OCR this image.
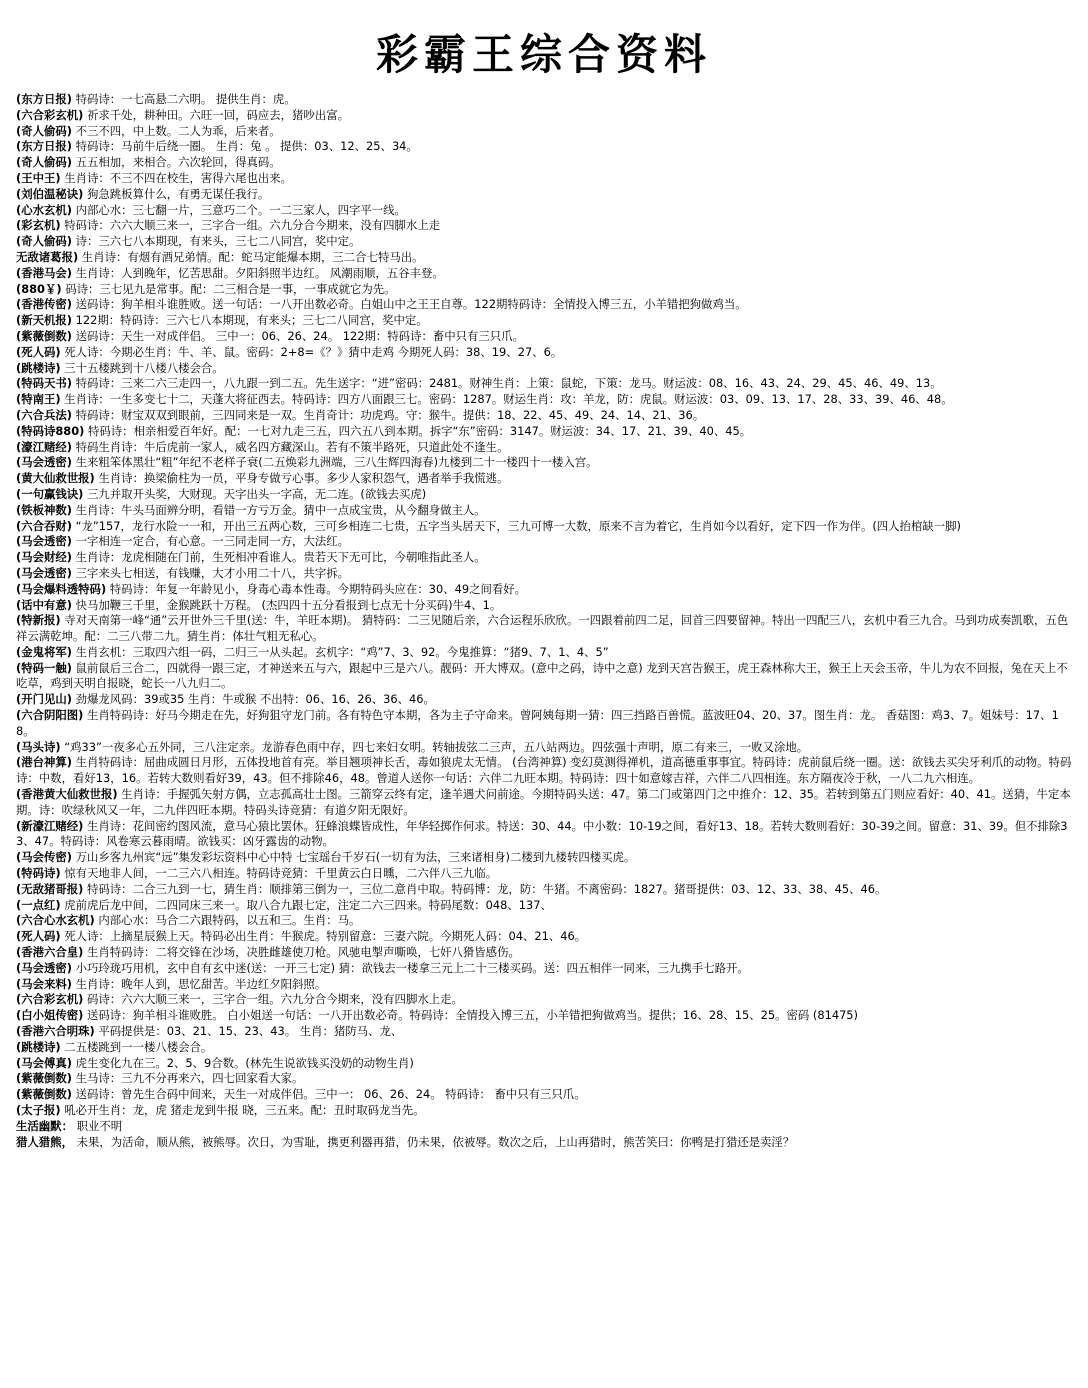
彩霸王综合资料
(东方日报) 特码诗：一七高悬二六明。 提供生肖：虎。
(六合彩玄机) 祈求千处，耕种田。六旺一回，码应去，猪吵出富。
(奇人偷码) 不三不四，中上数。二人为乖，后来者。
(东方日报) 特码诗：马前牛后绕一圈。 生肖：兔 。 提供：03、12、25、34。
(奇人偷码) 五五相加，来相合。六次轮回，得真码。
(王中王) 生肖诗：不三不四在校生，害得六尾也出来。
(刘伯温秘诀) 狗急跳板算什么，有勇无谋任我行。
(心水玄机) 内部心水：三七翻一片，三意巧二个。一二三家人，四字平一线。
(彩玄机) 特码诗：六六大顺三来一，三字合一组。六九分合今期来，没有四脚水上走
(奇人偷码) 诗：三六七八本期现，有来头，三七二八同宫，奖中定。
无敌诸葛报) 生肖诗：有烟有酒兄弟情。配：蛇马定能爆本期，三二合七特马出。
(香港马会) 生肖诗：人到晚年，忆苦思甜。夕阳斜照半边红。 风潮雨顺，五谷丰登。
(880￥) 码诗：三七见九是常事。配：二三相合是一事，一事成就它为先。
(香港传密) 送码诗：狗羊相斗谁胜败。送一句话：一八开出数必奇。白姐山中之王王自尊。122期特码诗：全情投入博三五，小羊错把狗做鸡当。
(新天机报) 122期：特码诗：三六七八本期现，有来头；三七二八同宫，奖中定。
(紫薇倒数) 送码诗：天生一对成伴侣。 三中一：06、26、24。 122期：特码诗：畜中只有三只爪。
(死人码) 死人诗：今期必生肖：牛、羊、鼠。密码：2+8=《？》猜中走鸡 今期死人码：38、19、27、6。
(跳楼诗) 三十五楼跳到十八楼八楼会合。
(特码天书) 特码诗：三来二六三走四一，八九跟一到二五。先生送字：“进”密码：2481。财神生肖：上策：鼠蛇，下策：龙马。财运波：08、16、43、24、29、45、46、49、13。
(特南王) 生肖诗：一生多变七十二，天蓬大将征西去。特码诗：四方八面跟三七。密码：1287。财运生肖：攻：羊龙，防：虎鼠。财运波：03、09、13、17、28、33、39、46、48。
(六合兵法) 特码诗：财宝双双到眼前，三四同来是一双。生肖奇计：功虎鸡。守：猴牛。提供：18、22、45、49、24、14、21、36。
(特码诗880) 特码诗：相亲相爱百年好。配：一七对九走三五，四六五八到本期。拆字“东”密码：3147。财运波：34、17、21、39、40、45。
(濠江赌经) 特码生肖诗：牛后虎前一家人，威名四方藏深山。若有不策半路死，只道此处不逢生。
(马会透密) 生来粗笨体黑壮“粗”年纪不老样子衰(二五焕彩九洲端，三八生辉四海春)九楼到二十一楼四十一楼入宫。
(黄大仙救世报) 生肖诗：换梁偷柱为一员，平身专做亏心事。多少人家积怨气，遇者举手我慌逃。
(一句赢钱诀) 三九并取开头奖，大财现。天字出头一字高，无二连。(欲钱去买虎)
(铁板神数) 生肖诗：牛头马面辨分明，看错一方亏万金。猜中一点成宝贵，从今翻身做主人。
(六合吞财) “龙”157，龙行水险一一和，开出三五两心数，三可乡相连二七贵，五字当头居天下，三九可博一大数，原来不言为着它，生肖如今以看好，定下四一作为伴。(四人抬棺缺一脚)
(马会透密) 一字相连一定合，有心意。一三同走同一方，大法红。
(马会财经) 生肖诗：龙虎相随在门前，生死相冲看谁人。贵若天下无可比，今朝唯指此圣人。
(马会透密) 三字来头七相送，有钱赚，大才小用二十八，共字拆。
(马会爆料透特码) 特码诗：年复一年龄见小，身毒心毒本性毒。今期特码头应在：30、49之间看好。
(话中有意) 快马加鞭三千里，金猴跳跃十万程。 (杰四四十五分看报到七点无十分买码)牛4、1。
(特新报) 寺对天南第一峰“通”云开世外三千里(送：牛，羊旺本期)。 猜特码：二三见随后亲，六合运程乐欣欣。一四跟着前四二足，回首三四要留神。特出一四配三八，玄机中看三九合。马到功成奏凯歌，五色祥云满乾坤。配：二三八带二九。猜生肖：体壮气粗无私心。
(金鬼将军) 生肖玄机：三取四六组一码，二归三一从头起。玄机字：“鸡”7、3、92。今鬼推算：“猪9、7、1、4、5”
(特码一触) 鼠前鼠后三合二，四就得一跟三定，才神送来五与六，跟起中三是六八。靓码：开大博双。(意中之码，诗中之意) 龙到天宫告猴王，虎王森林称大王，猴王上天会玉帝，牛儿为农不回报，兔在天上不吃草，鸡到天明自报晓，蛇长一八九归二。
(开门见山) 劲爆龙风码：39或35 生肖：牛或猴 不出特：06、16、26、36、46。
(六合阴阳图) 生肖特码诗：好马今期走在先，好狗狙守龙门前。各有特色守本期，各为主子守命来。曾阿姨每期一猜：四三挡路百兽慌。蓝波旺04、20、37。图生肖：龙。 香菇图：鸡3、7。姐妹号：17、18。
(马头诗) “鸡33”一夜多心五外同，三八注定亲。龙游春色雨中存，四七来妇女明。转轴拔弦二三声，五八站两边。四弦强十声明，原二有来三，一败又涂地。
(港台神算) 生肖特码诗：屈曲成圆日月形，五体投地首有亮。举目翘项神长舌，毒如狼虎太无情。 (台湾神算) 变幻莫测得禅机，道高德重事事宜。特码诗：虎前鼠后绕一圈。送：欲钱去买尖牙利爪的动物。特码诗：中数，看好13，16。若转大数则看好39，43。但不排除46，48。曾道人送你一句话：六伴二九旺本期。特码诗：四十如意嫁吉祥，六伴二八四相连。东方隔夜冷于秋，一八二九六相连。
(香港黄大仙救世报) 生肖诗：手握弧矢射方偶，立志孤高壮士图。三箭穿云终有定，逢羊遇犬问前途。今期特码头送：47。第二门或第四门之中推介：12、35。若转到第五门则应看好：40、41。送猜，牛定本期。诗：吹绿秋风又一年，二九伴四旺本期。特码头诗竞猜：有道夕阳无限好。
(新濠江赌经) 生肖诗：花间密约图风流，意马心猿比罢休。狂蜂浪蝶皆成性，年华轻掷作何求。特送：30、44。中小数：10-19之间，看好13、18。若转大数则看好：30-39之间。留意：31、39。但不排除33、47。特码诗：风卷寒云暮雨晴。欲钱买：凶牙露齿的动物。
(马会传密) 万山乡客九州宾“远”集发彩坛资料中心中特 七宝瑶台千岁石(一切有为法，三来诸相身)二楼到九楼转四楼买虎。
(特码诗) 惊有天地非人间，一二三六八相连。特码诗竞猜：千里黄云白日曛，二六伴八三九临。
(无敌猪哥报) 特码诗：二合三九到一七，猜生肖：顺排第三倒为一，三位二意肖中取。特码博：龙，防：牛猪。不离密码：1827。猪哥提供：03、12、33、38、45、46。
(一点红) 虎前虎后龙中间，二四同床三来一。取八合九跟七定，注定二六三四来。特码尾数：048、137、
(六合心水玄机) 内部心水：马合二六跟特码，以五和三。生肖：马。
(死人码) 死人诗：上摘星辰猴上天。特码必出生肖：牛猴虎。特别留意：三妻六院。今期死人码：04、21、46。
(香港六合皇) 生肖特码诗：二将交锋在沙场，决胜雌雄使刀枪。风驰电掣声嘶唤，七奸八猾皆感伤。
(马会透密) 小巧玲珑巧用机，玄中自有玄中迷(送：一开三七定) 猜：欲钱去一楼拿三元上二十三楼买码。送：四五相伴一同来，三九携手七路开。
(马会来料) 生肖诗：晚年人到，思忆甜苦。半边红夕阳斜照。
(六合彩玄机) 码诗：六六大顺三来一，三字合一组。六九分合今期来，没有四脚水上走。
(白小姐传密) 送码诗：狗羊相斗谁败胜。 白小姐送一句话：一八开出数必奇。特码诗：全情投入博三五，小羊错把狗做鸡当。提供；16、28、15、25。密码 (81475)
(香港六合明珠) 平码提供是：03、21、15、23、43。 生肖：猪防马、龙、
(跳楼诗) 二五楼跳到一一楼八楼会合。
(马会傅真) 虎生变化九在三。2、5、9合数。(林先生说欲钱买没奶的动物生肖)
(紫薇倒数) 生马诗：三九不分再来六，四七回家看大家。
(紫薇倒数) 送码诗：曾先生合码中间来，天生一对成伴侣。三中一： 06、26、24。 特码诗： 畜中只有三只爪。
(太子报) 吼必开生肖：龙，虎 猪走龙到牛报 晓，三五来。配：丑时取码龙当先。
生活幽默： 职业不明
猎人猎熊， 未果，为活命，顺从熊，被熊辱。次日，为雪耻，携更利器再猎，仍未果，依被辱。数次之后，上山再猎时，熊苦笑曰：你鸭是打猎还是卖淫？
